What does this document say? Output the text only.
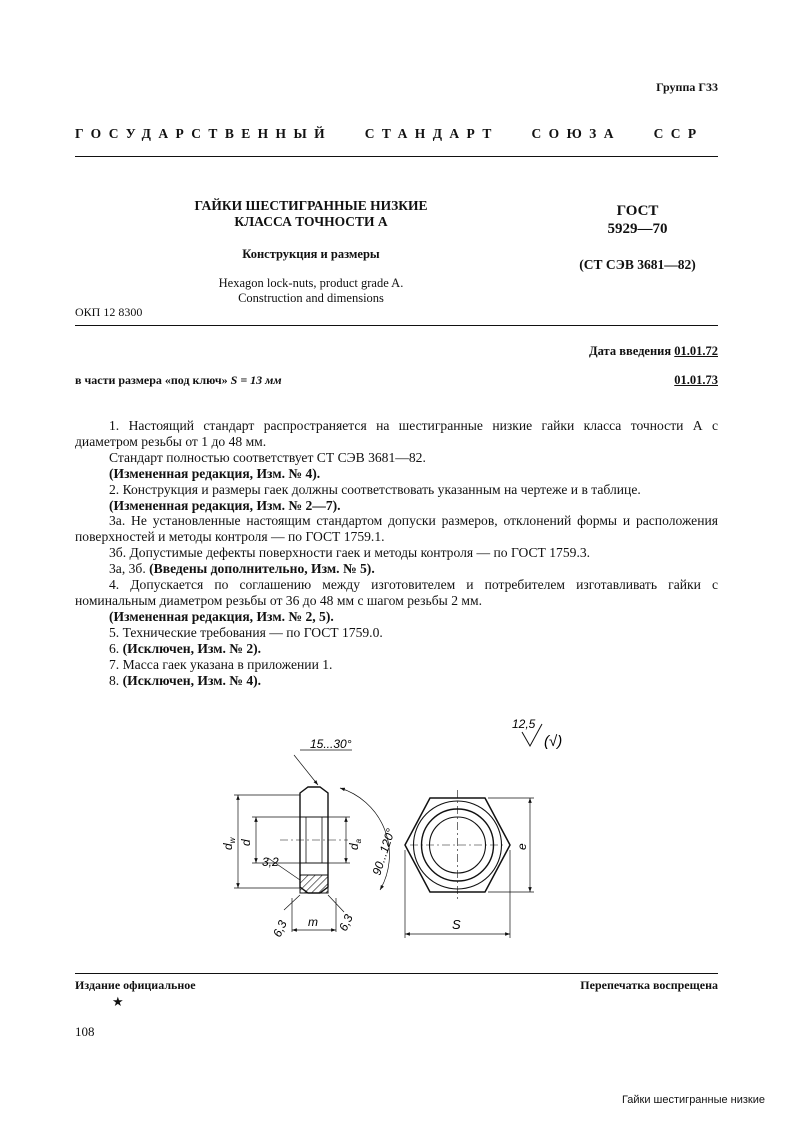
Группа Г33
ГОСУДАРСТВЕННЫЙ СТАНДАРТ СОЮЗА ССР
ГАЙКИ ШЕСТИГРАННЫЕ НИЗКИЕ
КЛАССА ТОЧНОСТИ А
Конструкция и размеры
Hexagon lock-nuts, product grade A.
Construction and dimensions
ОКП 12 8300
ГОСТ
5929—70
(СТ СЭВ 3681—82)
Дата введения 01.01.72
в части размера «под ключ» S = 13 мм	01.01.73

1. Настоящий стандарт распространяется на шестигранные низкие гайки класса точности А с диаметром резьбы от 1 до 48 мм.

Стандарт полностью соответствует СТ СЭВ 3681—82.

(Измененная редакция, Изм. № 4).

2. Конструкция и размеры гаек должны соответствовать указанным на чертеже и в таблице.

(Измененная редакция, Изм. № 2—7).

3а. Не установленные настоящим стандартом допуски размеров, отклонений формы и расположения поверхностей и методы контроля — по ГОСТ 1759.1.

3б. Допустимые дефекты поверхности гаек и методы контроля — по ГОСТ 1759.3.

3а, 3б. (Введены дополнительно, Изм. № 5).

4. Допускается по соглашению между изготовителем и потребителем изготавливать гайки с номинальным диаметром резьбы от 36 до 48 мм с шагом резьбы 2 мм.

(Измененная редакция, Изм. № 2, 5).

5. Технические требования — по ГОСТ 1759.0.

6. (Исключен, Изм. № 2).

7. Масса гаек указана в приложении 1.

8. (Исключен, Изм. № 4).

15...30°
12,5
(√)
$d_w$ d
$d_a$
3,2	90...120°
6,3	6,3
m	S
e
Издание официальное
★
Перепечатка воспрещена
108
Гайки шестигранные низкие
